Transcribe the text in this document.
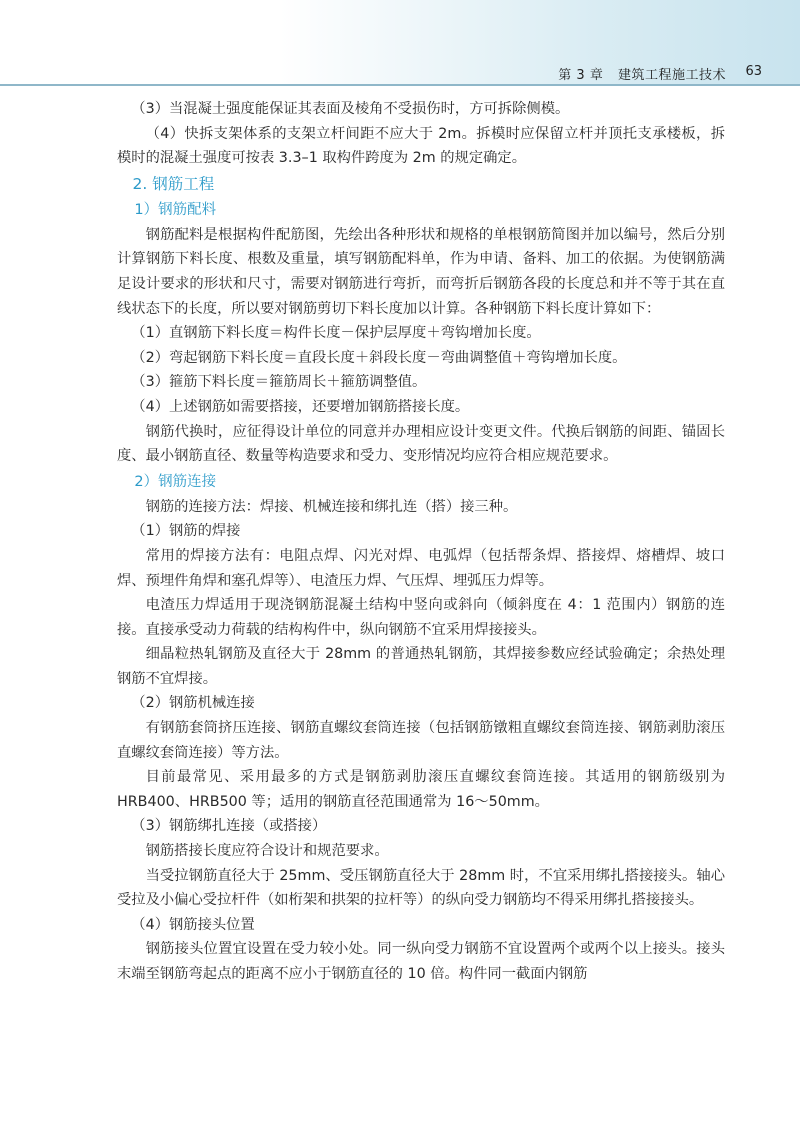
第 3 章 建筑工程施工技术 63

（3）当混凝土强度能保证其表面及棱角不受损伤时，方可拆除侧模。

（4）快拆支架体系的支架立杆间距不应大于 2m。拆模时应保留立杆并顶托支承楼板，拆模时的混凝土强度可按表 3.3–1 取构件跨度为 2m 的规定确定。

2. 钢筋工程

1）钢筋配料

钢筋配料是根据构件配筋图，先绘出各种形状和规格的单根钢筋简图并加以编号，然后分别计算钢筋下料长度、根数及重量，填写钢筋配料单，作为申请、备料、加工的依据。为使钢筋满足设计要求的形状和尺寸，需要对钢筋进行弯折，而弯折后钢筋各段的长度总和并不等于其在直线状态下的长度，所以要对钢筋剪切下料长度加以计算。各种钢筋下料长度计算如下：

（1）直钢筋下料长度＝构件长度－保护层厚度＋弯钩增加长度。

（2）弯起钢筋下料长度＝直段长度＋斜段长度－弯曲调整值＋弯钩增加长度。

（3）箍筋下料长度＝箍筋周长＋箍筋调整值。

（4）上述钢筋如需要搭接，还要增加钢筋搭接长度。

钢筋代换时，应征得设计单位的同意并办理相应设计变更文件。代换后钢筋的间距、锚固长度、最小钢筋直径、数量等构造要求和受力、变形情况均应符合相应规范要求。

2）钢筋连接

钢筋的连接方法：焊接、机械连接和绑扎连（搭）接三种。

（1）钢筋的焊接

常用的焊接方法有：电阻点焊、闪光对焊、电弧焊（包括帮条焊、搭接焊、熔槽焊、坡口焊、预埋件角焊和塞孔焊等）、电渣压力焊、气压焊、埋弧压力焊等。

电渣压力焊适用于现浇钢筋混凝土结构中竖向或斜向（倾斜度在 4：1 范围内）钢筋的连接。直接承受动力荷载的结构构件中，纵向钢筋不宜采用焊接接头。

细晶粒热轧钢筋及直径大于 28mm 的普通热轧钢筋，其焊接参数应经试验确定；余热处理钢筋不宜焊接。

（2）钢筋机械连接

有钢筋套筒挤压连接、钢筋直螺纹套筒连接（包括钢筋镦粗直螺纹套筒连接、钢筋剥肋滚压直螺纹套筒连接）等方法。

目前最常见、采用最多的方式是钢筋剥肋滚压直螺纹套筒连接。其适用的钢筋级别为 HRB400、HRB500 等；适用的钢筋直径范围通常为 16～50mm。

（3）钢筋绑扎连接（或搭接）

钢筋搭接长度应符合设计和规范要求。

当受拉钢筋直径大于 25mm、受压钢筋直径大于 28mm 时，不宜采用绑扎搭接接头。轴心受拉及小偏心受拉杆件（如桁架和拱架的拉杆等）的纵向受力钢筋均不得采用绑扎搭接接头。

（4）钢筋接头位置

钢筋接头位置宜设置在受力较小处。同一纵向受力钢筋不宜设置两个或两个以上接头。接头末端至钢筋弯起点的距离不应小于钢筋直径的 10 倍。构件同一截面内钢筋
